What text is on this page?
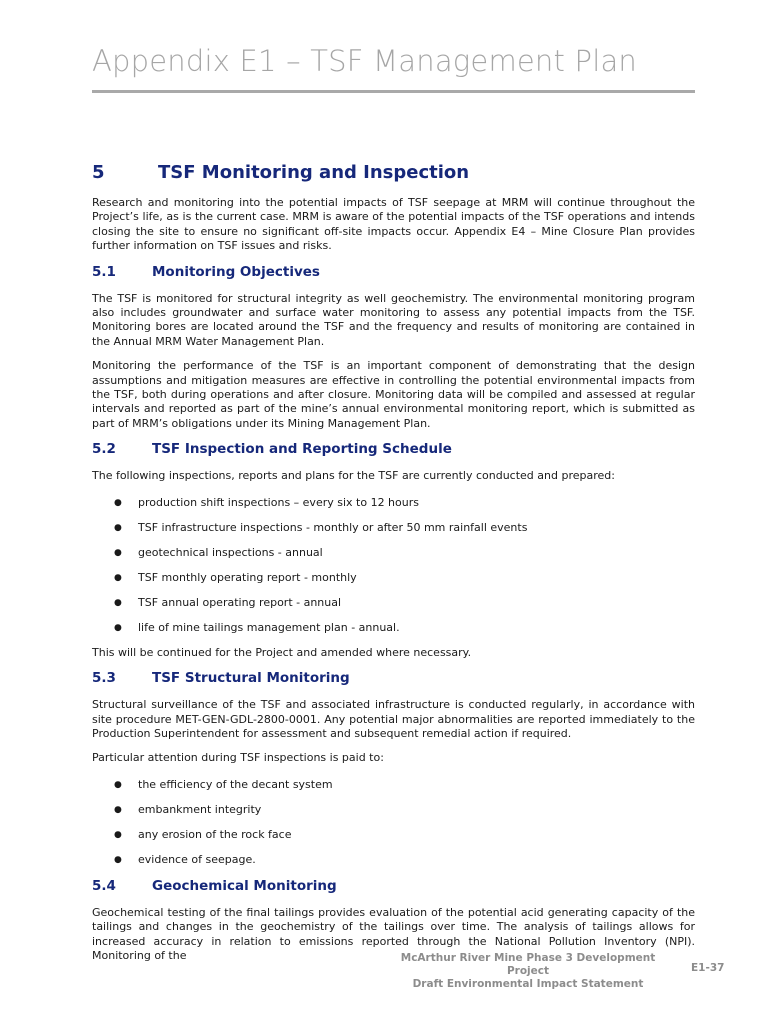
Appendix E1 – TSF Management Plan
5	TSF Monitoring and Inspection

Research and monitoring into the potential impacts of TSF seepage at MRM will continue throughout the Project’s life, as is the current case. MRM is aware of the potential impacts of the TSF operations and intends closing the site to ensure no significant off-site impacts occur. Appendix E4 – Mine Closure Plan provides further information on TSF issues and risks.

5.1	Monitoring Objectives

The TSF is monitored for structural integrity as well geochemistry. The environmental monitoring program also includes groundwater and surface water monitoring to assess any potential impacts from the TSF. Monitoring bores are located around the TSF and the frequency and results of monitoring are contained in the Annual MRM Water Management Plan.

Monitoring the performance of the TSF is an important component of demonstrating that the design assumptions and mitigation measures are effective in controlling the potential environmental impacts from the TSF, both during operations and after closure. Monitoring data will be compiled and assessed at regular intervals and reported as part of the mine’s annual environmental monitoring report, which is submitted as part of MRM’s obligations under its Mining Management Plan.

5.2	TSF Inspection and Reporting Schedule

The following inspections, reports and plans for the TSF are currently conducted and prepared:

●	production shift inspections – every six to 12 hours
●	TSF infrastructure inspections - monthly or after 50 mm rainfall events
●	geotechnical inspections - annual
●	TSF monthly operating report - monthly
●	TSF annual operating report - annual
●	life of mine tailings management plan - annual.

This will be continued for the Project and amended where necessary.

5.3	TSF Structural Monitoring

Structural surveillance of the TSF and associated infrastructure is conducted regularly, in accordance with site procedure MET-GEN-GDL-2800-0001. Any potential major abnormalities are reported immediately to the Production Superintendent for assessment and subsequent remedial action if required.

Particular attention during TSF inspections is paid to:

●	the efficiency of the decant system
●	embankment integrity
●	any erosion of the rock face
●	evidence of seepage.
5.4	Geochemical Monitoring

Geochemical testing of the final tailings provides evaluation of the potential acid generating capacity of the tailings and changes in the geochemistry of the tailings over time. The analysis of tailings allows for increased accuracy in relation to emissions reported through the National Pollution Inventory (NPI). Monitoring of the	McArthur River Mine Phase 3 Development Project
Draft Environmental Impact Statement
E1-37
